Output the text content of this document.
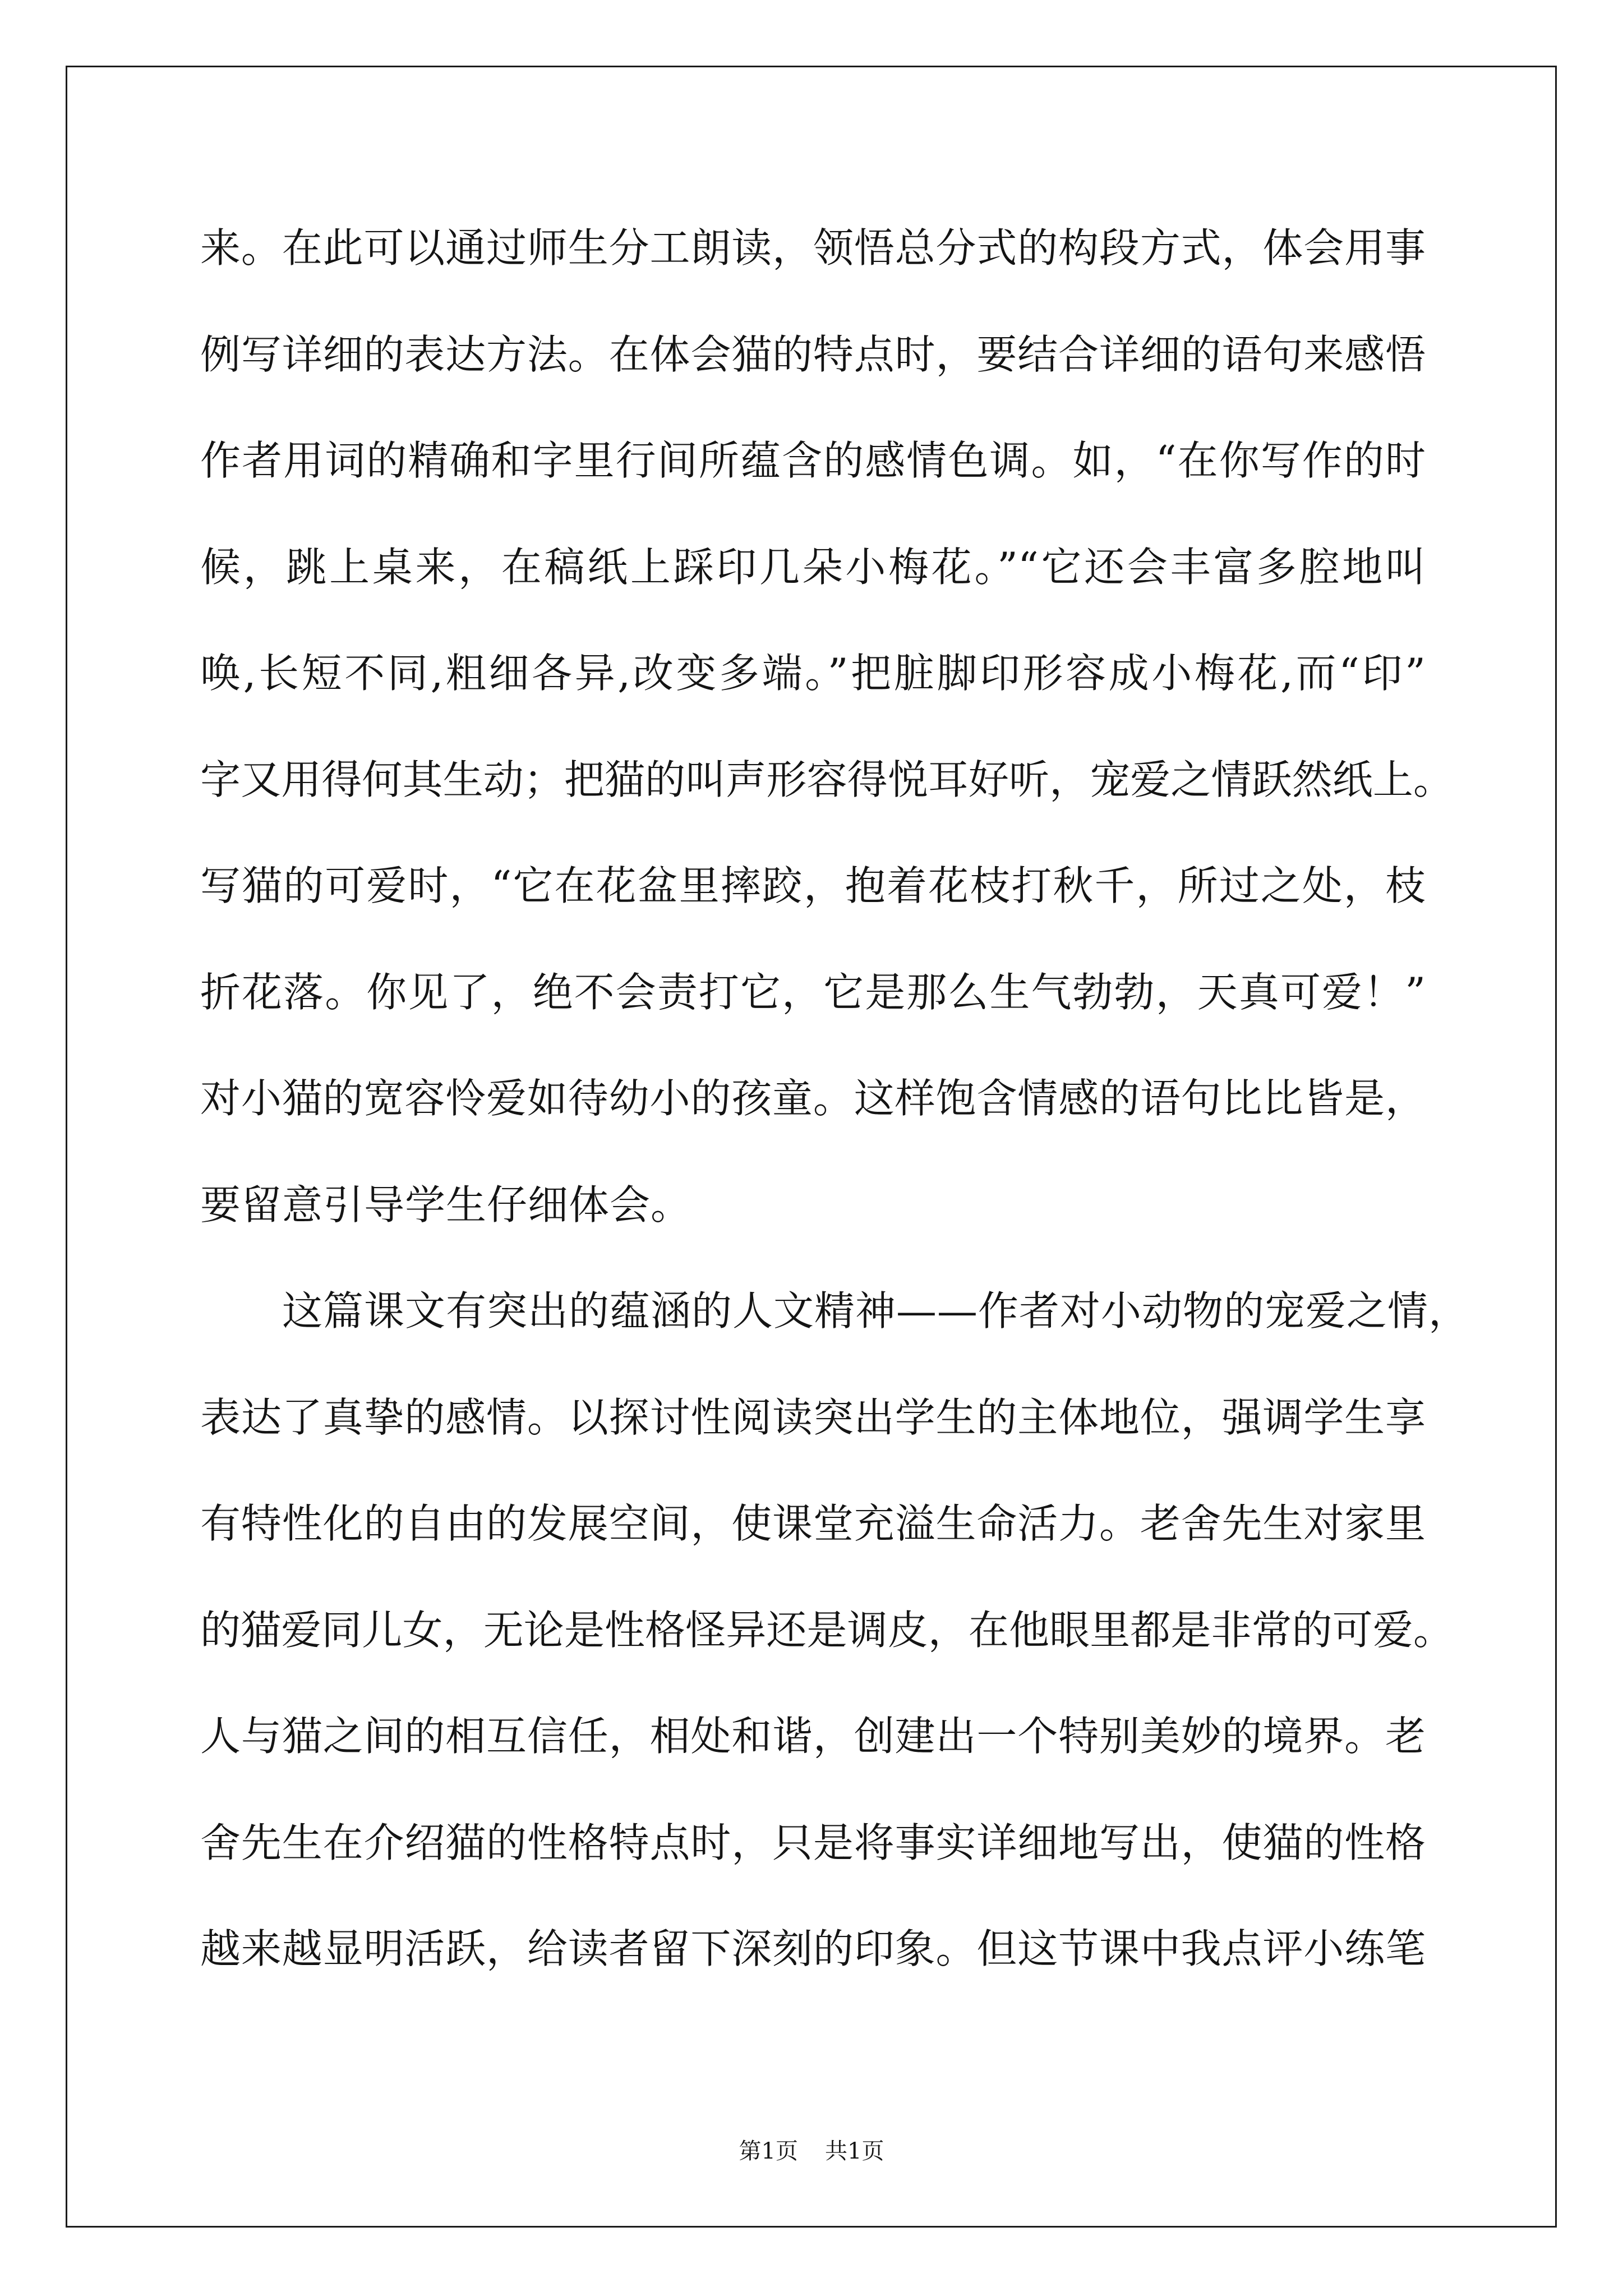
来。在此可以通过师生分工朗读，领悟总分式的构段方式，体会用事
例写详细的表达方法。在体会猫的特点时，要结合详细的语句来感悟
作者用词的精确和字里行间所蕴含的感情色调。如，“在你写作的时
候，跳上桌来，在稿纸上踩印几朵小梅花。”“它还会丰富多腔地叫
唤,长短不同,粗细各异,改变多端。”把脏脚印形容成小梅花,而“印”
字又用得何其生动；把猫的叫声形容得悦耳好听，宠爱之情跃然纸上。
写猫的可爱时，“它在花盆里摔跤，抱着花枝打秋千，所过之处，枝
折花落。你见了，绝不会责打它，它是那么生气勃勃，天真可爱！”
对小猫的宽容怜爱如待幼小的孩童。这样饱含情感的语句比比皆是，
要留意引导学生仔细体会。
这篇课文有突出的蕴涵的人文精神——作者对小动物的宠爱之情，
表达了真挚的感情。以探讨性阅读突出学生的主体地位，强调学生享
有特性化的自由的发展空间，使课堂充溢生命活力。老舍先生对家里
的猫爱同儿女，无论是性格怪异还是调皮，在他眼里都是非常的可爱。
人与猫之间的相互信任，相处和谐，创建出一个特别美妙的境界。老
舍先生在介绍猫的性格特点时，只是将事实详细地写出，使猫的性格
越来越显明活跃，给读者留下深刻的印象。但这节课中我点评小练笔
第1页 共1页
